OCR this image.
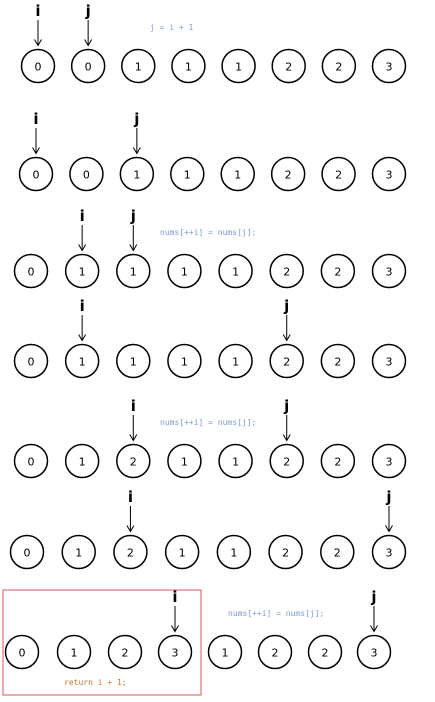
0	0	1	1	1	2	2	3
i	j
j = i + 1
0	0	1	1	1	2	2	3
i	j
0	1	1	1	1	2	2	3
i	j
nums[++i] = nums[j];
0	1	1	1	1	2	2	3
i	j
0	1	2	1	1	2	2	3
i	j
nums[++i] = nums[j];
0	1	2	1	1	2	2	3
i	j
return i + 1;
0	1	2	3	1	2	2	3
i	j
nums[++i] = nums[j];
